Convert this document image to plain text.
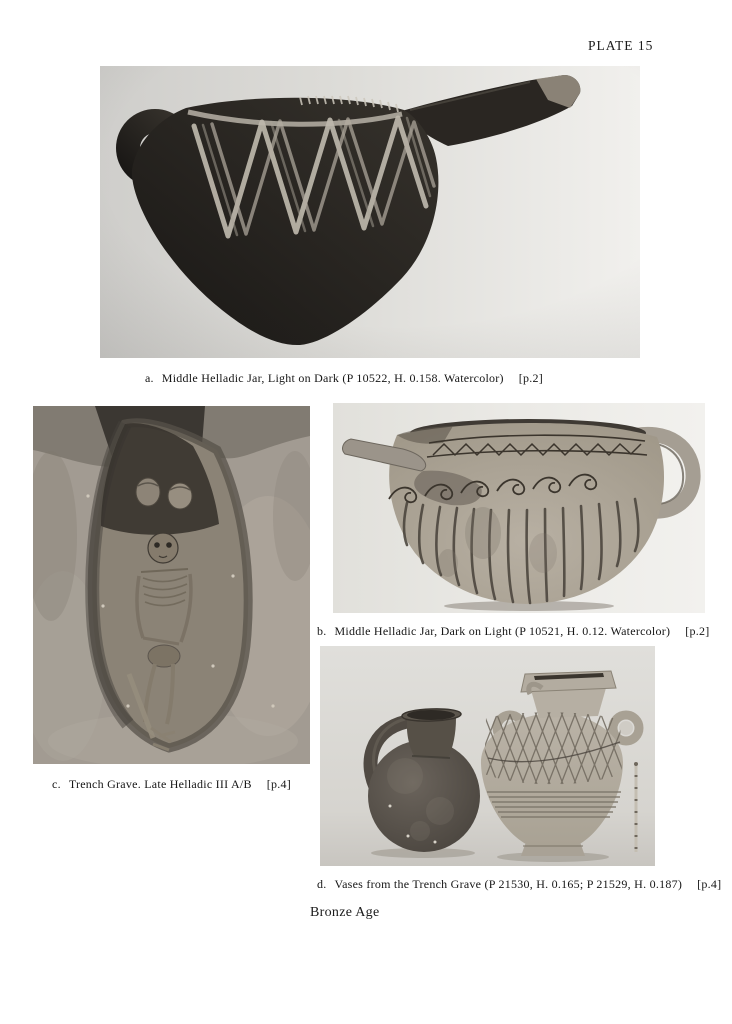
PLATE 15
a. Middle Helladic Jar, Light on Dark (P 10522, H. 0.158. Watercolor) [p.2]
c. Trench Grave. Late Helladic III A/B [p.4]
b. Middle Helladic Jar, Dark on Light (P 10521, H. 0.12. Watercolor) [p.2]
d. Vases from the Trench Grave (P 21530, H. 0.165; P 21529, H. 0.187) [p.4]
Bronze Age
